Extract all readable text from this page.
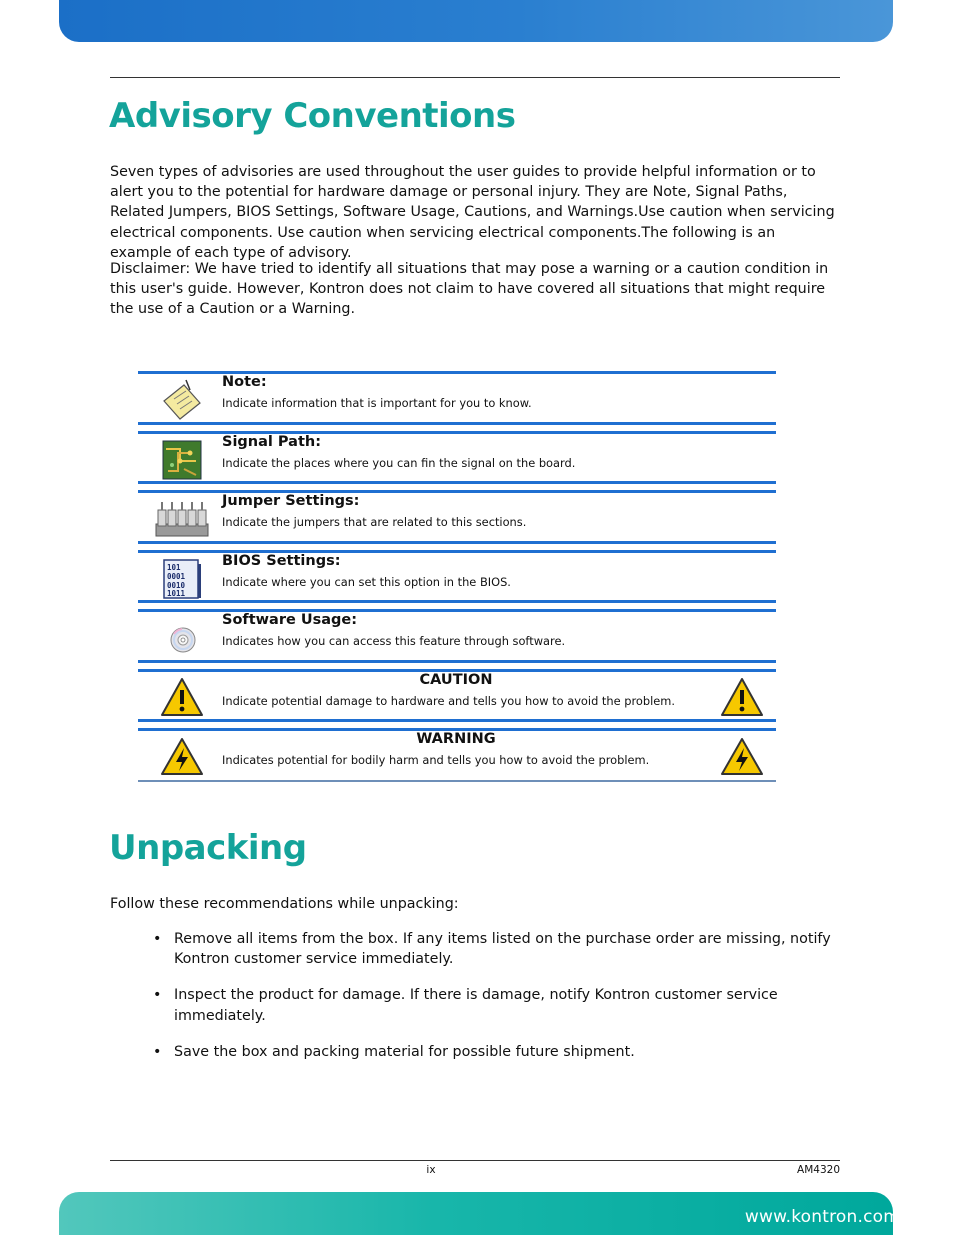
Advisory Conventions

Seven types of advisories are used throughout the user guides to provide helpful information or to alert you to the potential for hardware damage or personal injury. They are Note, Signal Paths, Related Jumpers, BIOS Settings, Software Usage, Cautions, and Warnings.Use caution when servicing electrical components. Use caution when servicing electrical components.The following is an example of each type of advisory.

Disclaimer: We have tried to identify all situations that may pose a warning or a caution condition in this user's guide. However, Kontron does not claim to have covered all situations that might require the use of a Caution or a Warning.

Note:
Indicate information that is important for you to know.
Signal Path:
Indicate the places where you can fin the signal on the board.
Jumper Settings:
Indicate the jumpers that are related to this sections.
101
0001
0010
1011
BIOS Settings:
Indicate where you can set this option in the BIOS.
Software Usage:
Indicates how you can access this feature through software.
CAUTION
Indicate potential damage to hardware and tells you how to avoid the problem.
WARNING
Indicates potential for bodily harm and tells you how to avoid the problem.
Unpacking

Follow these recommendations while unpacking:

• Remove all items from the box. If any items listed on the purchase order are missing, notify Kontron customer service immediately.
• Inspect the product for damage. If there is damage, notify Kontron customer service immediately.
• Save the box and packing material for possible future shipment.
ix	AM4320
www.kontron.com
